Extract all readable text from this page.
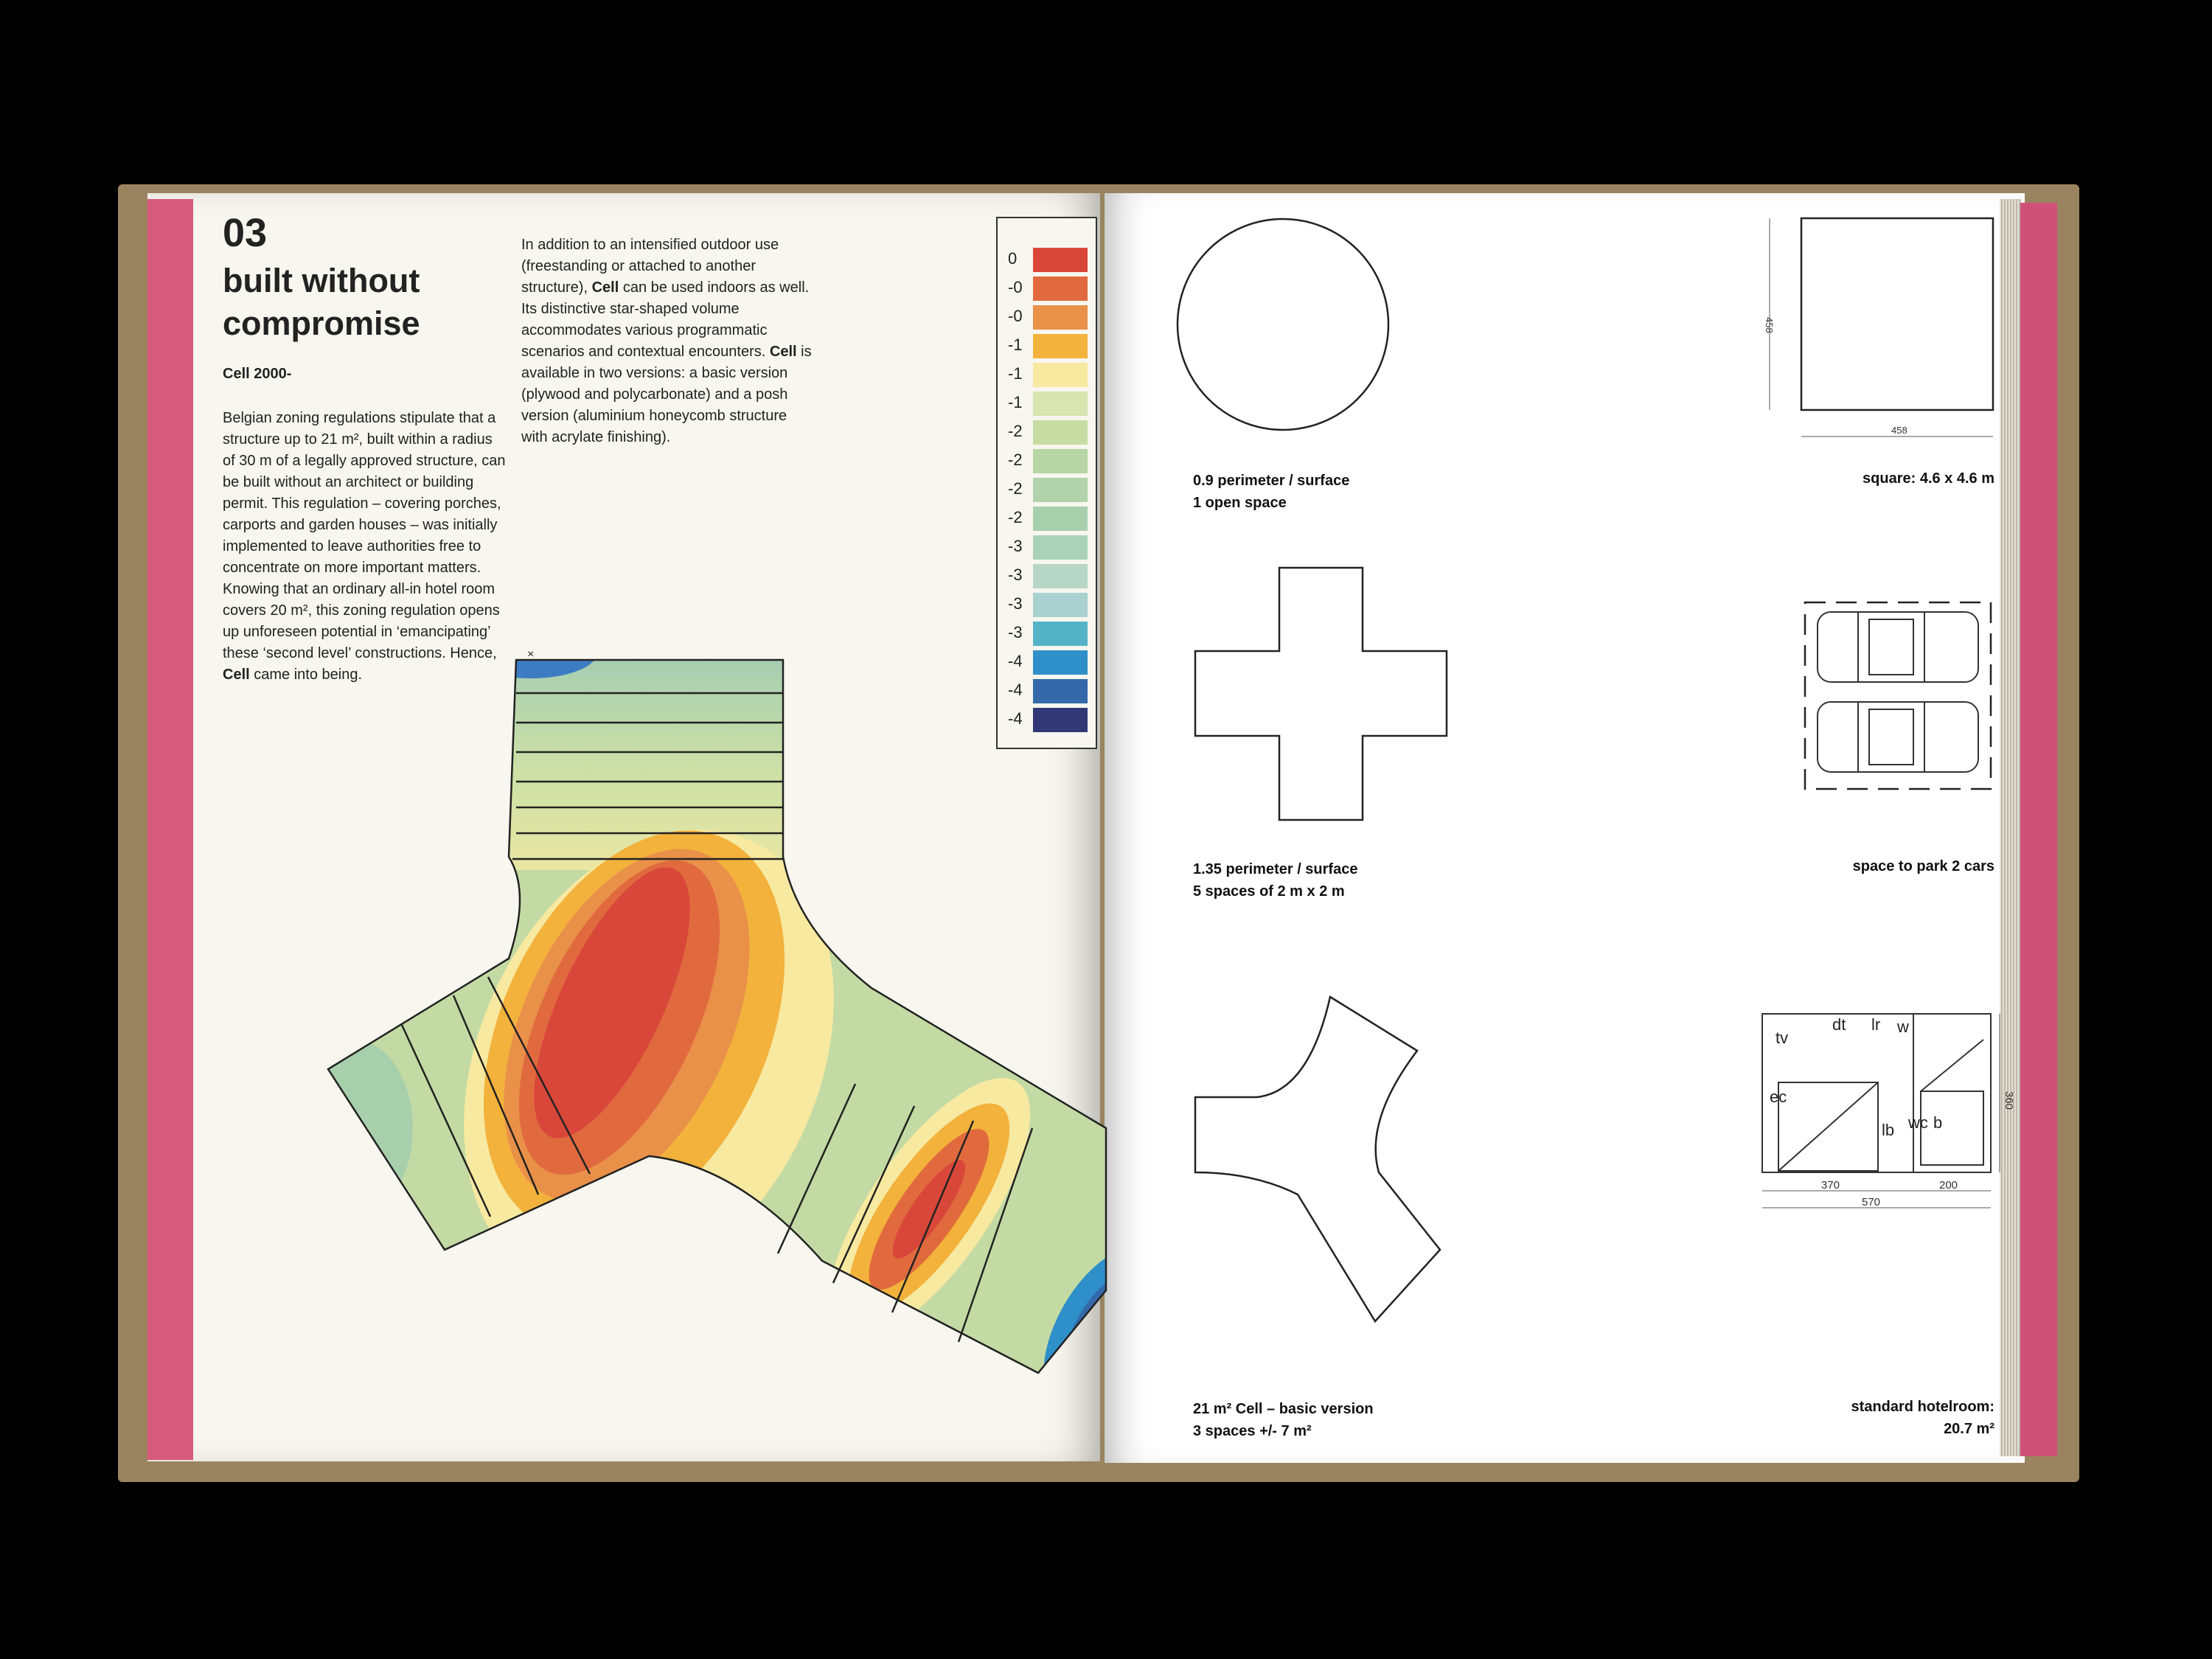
03
built without compromise
Cell 2000-

Belgian zoning regulations stipulate that a structure up to 21 m², built within a radius of 30 m of a legally approved structure, can be built without an architect or building permit. This regulation – covering porches, carports and garden houses – was initially implemented to leave authorities free to concentrate on more important matters. Knowing that an ordinary all-in hotel room covers 20 m², this zoning regulation opens up unforeseen potential in ‘emancipating’ these ‘second level’ constructions. Hence, Cell came into being.

In addition to an intensified outdoor use (freestanding or attached to another structure), Cell can be used indoors as well. Its distinctive star-shaped volume accommodates various programmatic scenarios and contextual encounters. Cell is available in two versions: a basic version (plywood and polycarbonate) and a posh version (aluminium honeycomb structure with acrylate finishing).

0
-0
-0
-1
-1
-1
-2
-2
-2
-2
-3
-3
-3
-3
-4
-4
-4
×
458
458
tv
dt lr w
ec
lb wc b
370	200
570
360
0.9 perimeter / surface
1 open space
1.35 perimeter / surface
5 spaces of 2 m x 2 m
21 m² Cell – basic version
3 spaces +/- 7 m²
square: 4.6 x 4.6 m
space to park 2 cars
standard hotelroom:
20.7 m²
